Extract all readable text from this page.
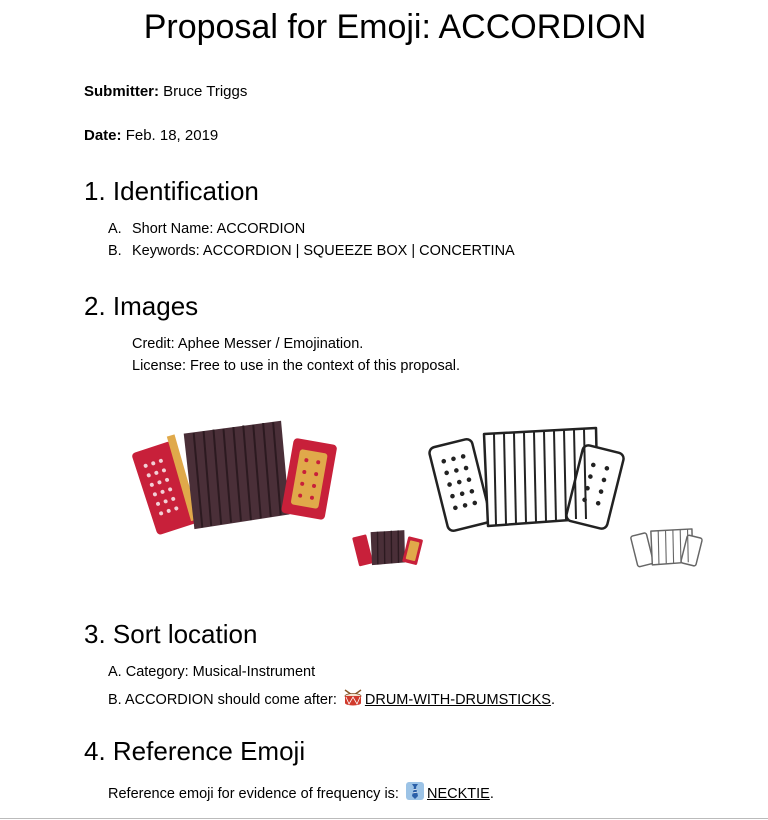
Proposal for Emoji: ACCORDION
Submitter: Bruce Triggs
Date: Feb. 18, 2019
1. Identification
A. Short Name: ACCORDION
B. Keywords: ACCORDION | SQUEEZE BOX | CONCERTINA
2. Images
Credit: Aphee Messer / Emojination.
License: Free to use in the context of this proposal.
3. Sort location
A. Category: Musical-Instrument
B. ACCORDION should come after: DRUM-WITH-DRUMSTICKS.
4. Reference Emoji
Reference emoji for evidence of frequency is: NECKTIE.
